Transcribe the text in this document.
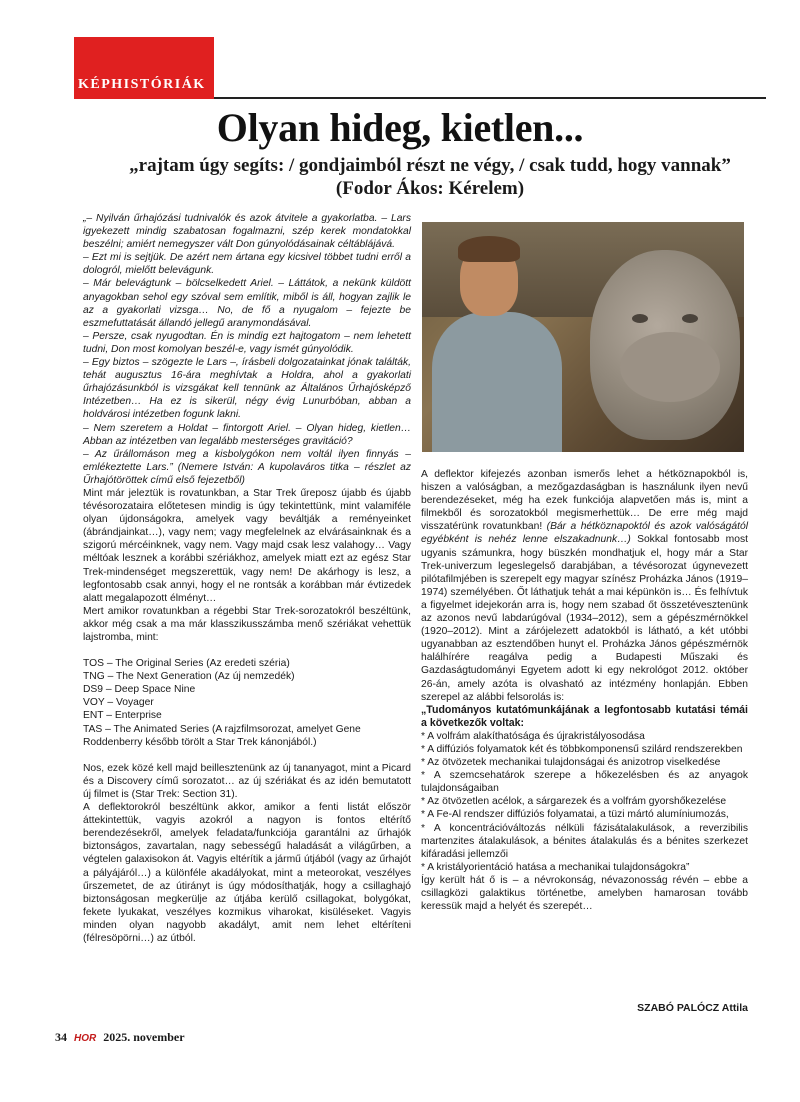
KÉPHISTÓRIÁK
Olyan hideg, kietlen...
„rajtam úgy segíts: / gondjaimból részt ne végy, / csak tudd, hogy vannak”
(Fodor Ákos: Kérelem)

„– Nyilván űrhajózási tudnivalók és azok átvitele a gyakorlatba. – Lars igyekezett mindig szabatosan fogalmazni, szép kerek mondatokkal beszélni; amiért nemegyszer vált Don gúnyolódásainak céltáblájává.

– Ezt mi is sejtjük. De azért nem ártana egy kicsivel többet tudni erről a dologról, mielőtt belevágunk.

– Már belevágtunk – bölcselkedett Ariel. – Láttátok, a nekünk küldött anyagokban sehol egy szóval sem említik, miből is áll, hogyan zajlik le az a gyakorlati vizsga… No, de fő a nyugalom – fejezte be eszmefuttatását állandó jellegű aranymondásával.

– Persze, csak nyugodtan. Én is mindig ezt hajtogatom – nem lehetett tudni, Don most komolyan beszél-e, vagy ismét gúnyolódik.

– Egy biztos – szögezte le Lars –, írásbeli dolgozatainkat jónak találták, tehát augusztus 16-ára meghívtak a Holdra, ahol a gyakorlati űrhajózásunkból is vizsgákat kell tennünk az Általános Űrhajósképző Intézetben… Ha ez is sikerül, négy évig Lunurbóban, abban a holdvárosi intézetben fogunk lakni.

– Nem szeretem a Holdat – fintorgott Ariel. – Olyan hideg, kietlen… Abban az intézetben van legalább mesterséges gravitáció?

– Az űrállomáson meg a kisbolygókon nem voltál ilyen finnyás – emlékeztette Lars.” (Nemere István: A kupolaváros titka – részlet az Űrhajótöröttek című első fejezetből)

Mint már jeleztük is rovatunkban, a Star Trek űreposz újabb és újabb tévésorozataira előtetesen mindig is úgy tekintettünk, mint valamiféle olyan újdonságokra, amelyek vagy beváltják a reményeinket (ábrándjainkat…), vagy nem; vagy megfelelnek az elvárásainknak és a szigorú mércéinknek, vagy nem. Vagy majd csak lesz valahogy… Vagy méltóak lesznek a korábbi szériákhoz, amelyek miatt ezt az egész Star Trek-mindenséget megszerettük, vagy nem! De akárhogy is lesz, a legfontosabb csak annyi, hogy el ne rontsák a korábban már évtizedek alatt megalapozott élményt…

Mert amikor rovatunkban a régebbi Star Trek-sorozatokról beszéltünk, akkor még csak a ma már klasszikusszámba menő szériákat vehettük lajstromba, mint:

TOS – The Original Series (Az eredeti széria)
TNG – The Next Generation (Az új nemzedék)
DS9 – Deep Space Nine
VOY – Voyager
ENT – Enterprise
TAS – The Animated Series (A rajzfilmsorozat, amelyet Gene Roddenberry később törölt a Star Trek kánonjából.)

Nos, ezek közé kell majd beillesztenünk az új tananyagot, mint a Picard és a Discovery című sorozatot… az új szériákat és az idén bemutatott új filmet is (Star Trek: Section 31).

A deflektorokról beszéltünk akkor, amikor a fenti listát először áttekintettük, vagyis azokról a nagyon is fontos eltérítő berendezésekről, amelyek feladata/funkciója garantálni az űrhajók biztonságos, zavartalan, nagy sebességű haladását a világűrben, a végtelen galaxisokon át. Vagyis eltérítik a jármű útjából (vagy az űrhajót a pályájáról…) a különféle akadályokat, mint a meteorokat, veszélyes űrszemetet, de az útirányt is úgy módosíthatják, hogy a csillaghajó biztonságosan megkerülje az útjába kerülő csillagokat, bolygókat, fekete lyukakat, veszélyes kozmikus viharokat, kisüléseket. Vagyis minden olyan nagyobb akadályt, amit nem lehet eltéríteni (félresöpörni…) az útból.

A deflektor kifejezés azonban ismerős lehet a hétköznapokból is, hiszen a valóságban, a mezőgazdaságban is használunk ilyen nevű berendezéseket, még ha ezek funkciója alapvetően más is, mint a filmekből és sorozatokból megismerhettük… De erre még majd visszatérünk rovatunkban! (Bár a hétköznapoktól és azok valóságától egyébként is nehéz lenne elszakadnunk…) Sokkal fontosabb most ugyanis számunkra, hogy büszkén mondhatjuk el, hogy már a Star Trek-univerzum legeslegelső darabjában, a tévésorozat úgynevezett pilótafilmjében is szerepelt egy magyar színész Proházka János (1919–1974) személyében. Őt láthatjuk tehát a mai képünkön is… És felhívtuk a figyelmet idejekorán arra is, hogy nem szabad őt összetévesztenünk az azonos nevű labdarúgóval (1934–2012), sem a gépészmérnökkel (1920–2012). Mint a zárójelezett adatokból is látható, a két utóbbi ugyanabban az esztendőben hunyt el. Proházka János gépészmérnök halálhírére reagálva pedig a Budapesti Műszaki és Gazdaságtudományi Egyetem adott ki egy nekrológot 2012. október 26-án, amely azóta is olvasható az intézmény honlapján. Ebben szerepel az alábbi felsorolás is:

„Tudományos kutatómunkájának a legfontosabb kutatási témái a következők voltak:

* A volfrám alakíthatósága és újrakristályosodása

* A diffúziós folyamatok két és többkomponensű szilárd rendszerekben

* Az ötvözetek mechanikai tulajdonságai és anizotrop viselkedése

* A szemcsehatárok szerepe a hőkezelésben és az anyagok tulajdonságaiban

* Az ötvözetlen acélok, a sárgarezek és a volfrám gyorshőkezelése

* A Fe-Al rendszer diffúziós folyamatai, a tüzi mártó alumíniumozás,

* A koncentrációváltozás nélküli fázisátalakulások, a reverzibilis martenzites átalakulások, a bénites átalakulás és a bénites szerkezet kifáradási jellemzői

* A kristályorientáció hatása a mechanikai tulajdonságokra”

Így került hát ő is – a névrokonság, névazonosság révén – ebbe a csillagközi galaktikus történetbe, amelyben hamarosan tovább keressük majd a helyét és szerepét…

SZABÓ PALÓCZ Attila
34 HOR 2025. november
